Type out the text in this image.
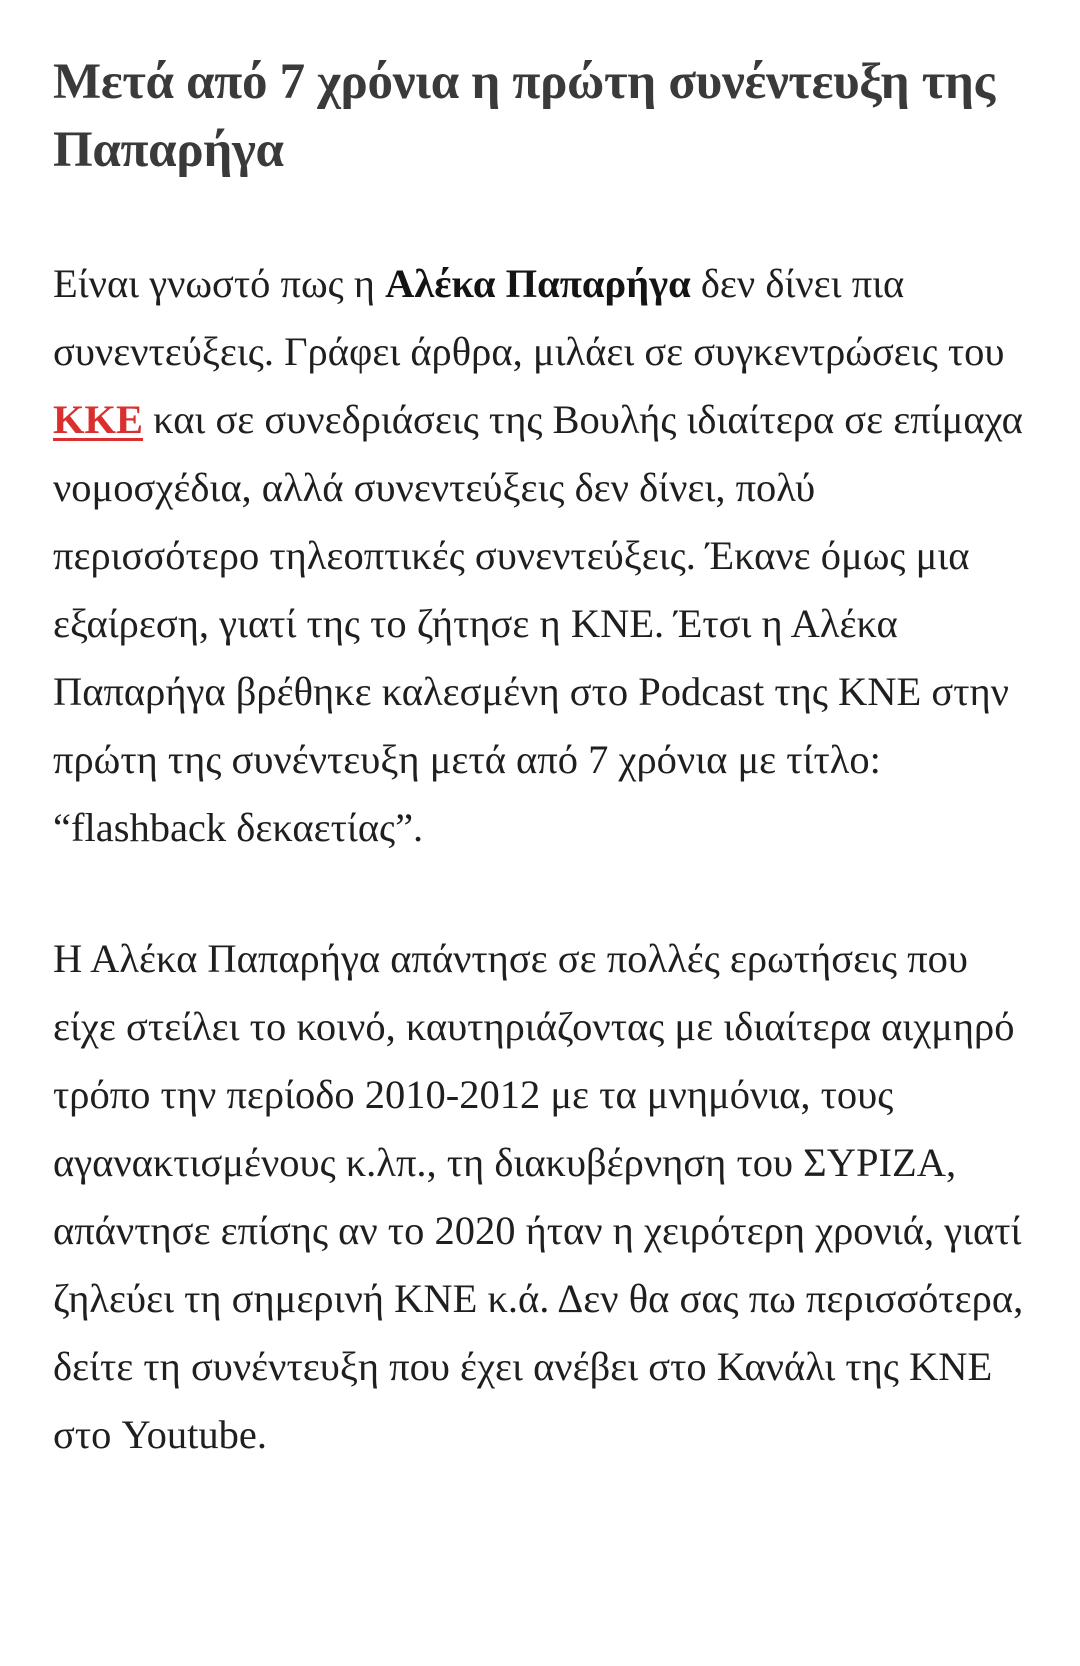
Μετά από 7 χρόνια η πρώτη συνέντευξη της Παπαρήγα

Είναι γνωστό πως η Αλέκα Παπαρήγα δεν δίνει πια συνεντεύξεις. Γράφει άρθρα, μιλάει σε συγκεντρώσεις του ΚΚΕ και σε συνεδριάσεις της Βουλής ιδιαίτερα σε επίμαχα νομοσχέδια, αλλά συνεντεύξεις δεν δίνει, πολύ περισσότερο τηλεοπτικές συνεντεύξεις. Έκανε όμως μια εξαίρεση, γιατί της το ζήτησε η ΚΝΕ. Έτσι η Αλέκα Παπαρήγα βρέθηκε καλεσμένη στο Podcast της ΚΝΕ στην πρώτη της συνέντευξη μετά από 7 χρόνια με τίτλο: “flashback δεκαετίας”.

Η Αλέκα Παπαρήγα απάντησε σε πολλές ερωτήσεις που είχε στείλει το κοινό, καυτηριάζοντας με ιδιαίτερα αιχμηρό τρόπο την περίοδο 2010-2012 με τα μνημόνια, τους αγανακτισμένους κ.λπ., τη διακυβέρνηση του ΣΥΡΙΖΑ, απάντησε επίσης αν το 2020 ήταν η χειρότερη χρονιά, γιατί ζηλεύει τη σημερινή ΚΝΕ κ.ά. Δεν θα σας πω περισσότερα, δείτε τη συνέντευξη που έχει ανέβει στο Κανάλι της ΚΝΕ στο Youtube.
